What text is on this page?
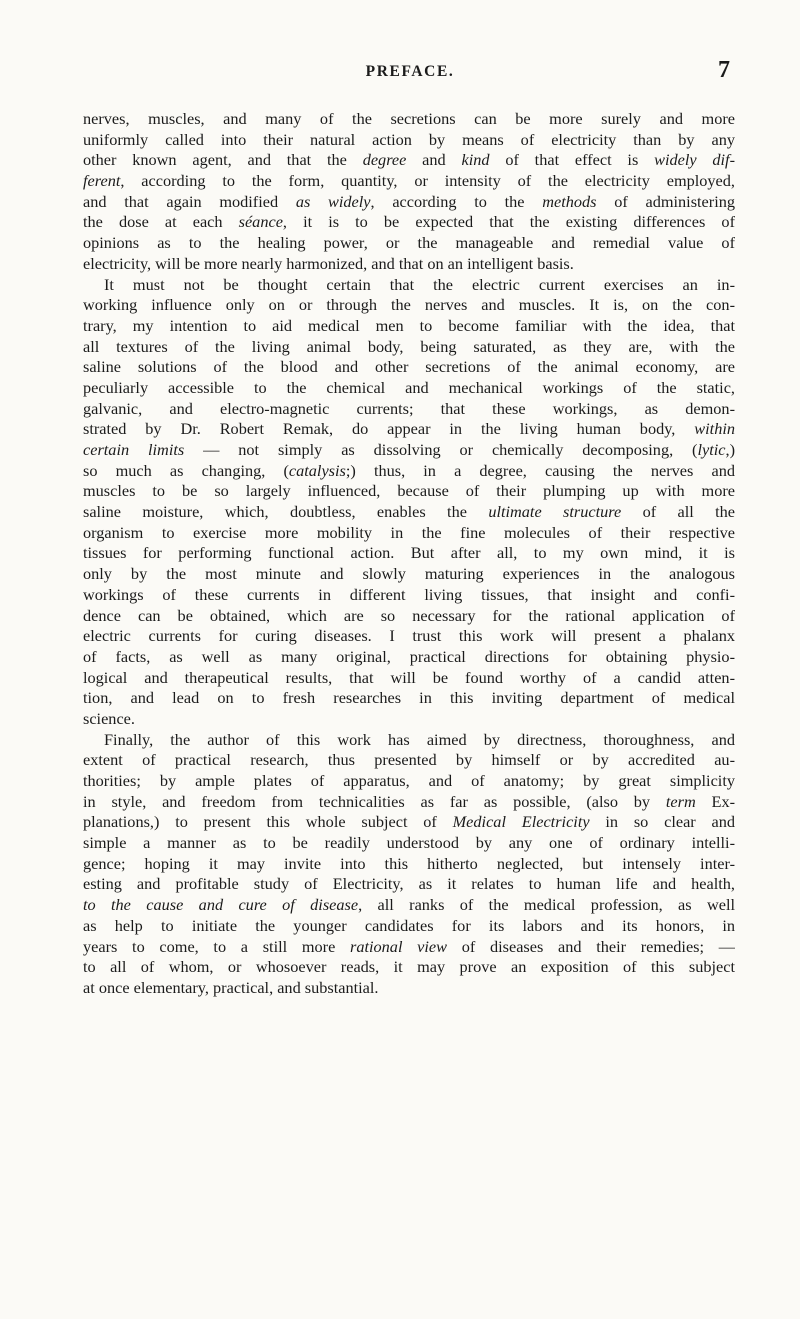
PREFACE.	7
nerves, muscles, and many of the secretions can be more surely and more
uniformly called into their natural action by means of electricity than by any
other known agent, and that the degree and kind of that effect is widely dif-
ferent, according to the form, quantity, or intensity of the electricity employed,
and that again modified as widely, according to the methods of administering
the dose at each séance, it is to be expected that the existing differences of
opinions as to the healing power, or the manageable and remedial value of
electricity, will be more nearly harmonized, and that on an intelligent basis.
It must not be thought certain that the electric current exercises an in-
working influence only on or through the nerves and muscles. It is, on the con-
trary, my intention to aid medical men to become familiar with the idea, that
all textures of the living animal body, being saturated, as they are, with the
saline solutions of the blood and other secretions of the animal economy, are
peculiarly accessible to the chemical and mechanical workings of the static,
galvanic, and electro-magnetic currents; that these workings, as demon-
strated by Dr. Robert Remak, do appear in the living human body, within
certain limits — not simply as dissolving or chemically decomposing, (lytic,)
so much as changing, (catalysis;) thus, in a degree, causing the nerves and
muscles to be so largely influenced, because of their plumping up with more
saline moisture, which, doubtless, enables the ultimate structure of all the
organism to exercise more mobility in the fine molecules of their respective
tissues for performing functional action. But after all, to my own mind, it is
only by the most minute and slowly maturing experiences in the analogous
workings of these currents in different living tissues, that insight and confi-
dence can be obtained, which are so necessary for the rational application of
electric currents for curing diseases. I trust this work will present a phalanx
of facts, as well as many original, practical directions for obtaining physio-
logical and therapeutical results, that will be found worthy of a candid atten-
tion, and lead on to fresh researches in this inviting department of medical
science.
Finally, the author of this work has aimed by directness, thoroughness, and
extent of practical research, thus presented by himself or by accredited au-
thorities; by ample plates of apparatus, and of anatomy; by great simplicity
in style, and freedom from technicalities as far as possible, (also by term Ex-
planations,) to present this whole subject of Medical Electricity in so clear and
simple a manner as to be readily understood by any one of ordinary intelli-
gence; hoping it may invite into this hitherto neglected, but intensely inter-
esting and profitable study of Electricity, as it relates to human life and health,
to the cause and cure of disease, all ranks of the medical profession, as well
as help to initiate the younger candidates for its labors and its honors, in
years to come, to a still more rational view of diseases and their remedies; —
to all of whom, or whosoever reads, it may prove an exposition of this subject
at once elementary, practical, and substantial.
